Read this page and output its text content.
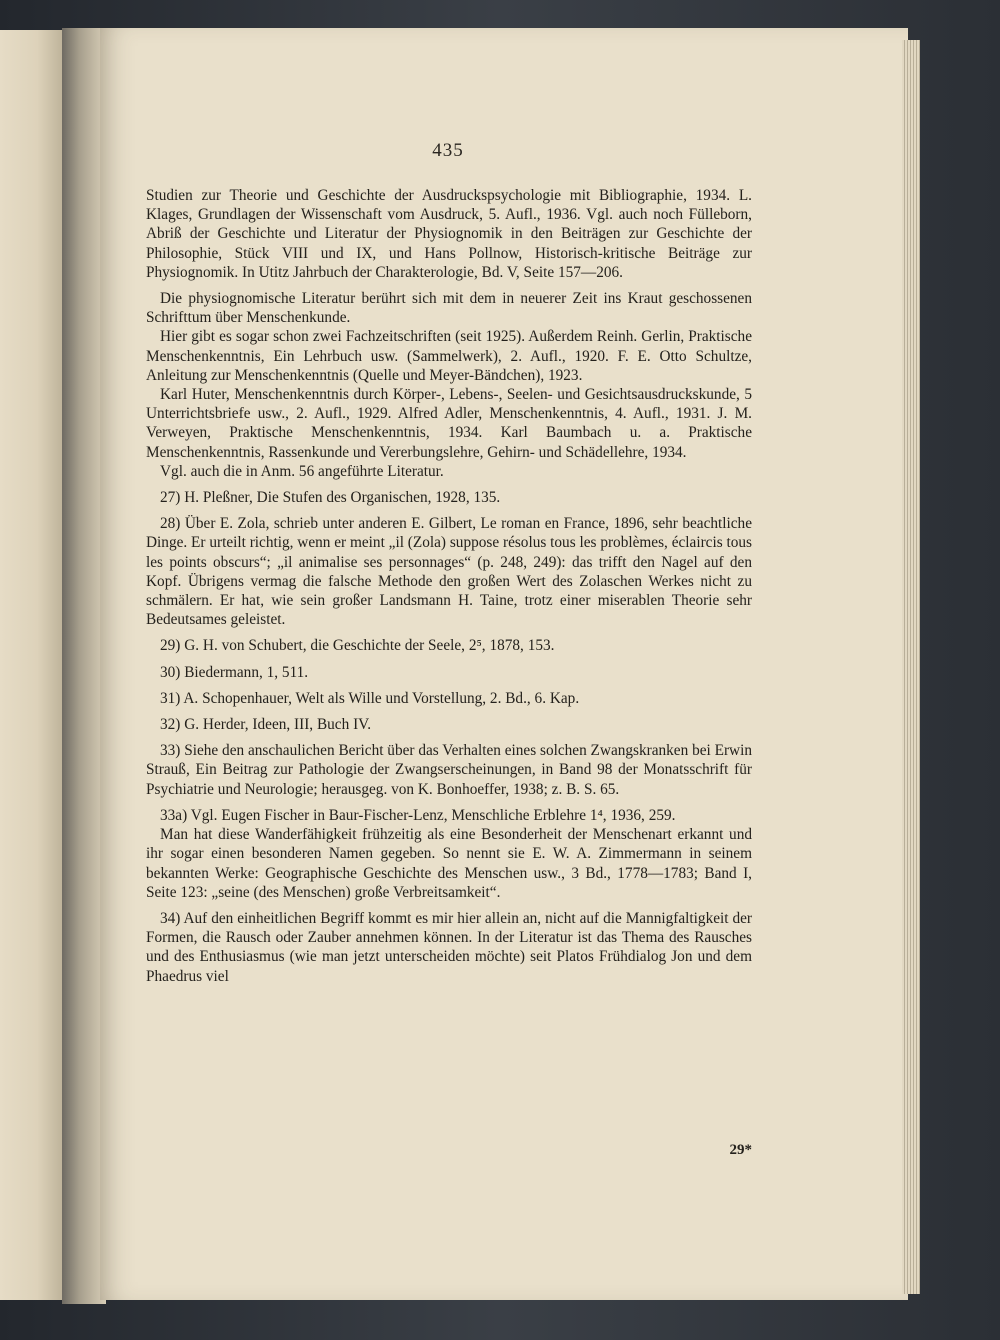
435

Studien zur Theorie und Geschichte der Ausdruckspsychologie mit Bibliographie, 1934. L. Klages, Grundlagen der Wissenschaft vom Ausdruck, 5. Aufl., 1936. Vgl. auch noch Fülleborn, Abriß der Geschichte und Literatur der Physiognomik in den Beiträgen zur Geschichte der Philosophie, Stück VIII und IX, und Hans Pollnow, Historisch-kritische Beiträge zur Physiognomik. In Utitz Jahrbuch der Charakterologie, Bd. V, Seite 157—206.

Die physiognomische Literatur berührt sich mit dem in neuerer Zeit ins Kraut geschossenen Schrifttum über Menschenkunde.

Hier gibt es sogar schon zwei Fachzeitschriften (seit 1925). Außerdem Reinh. Gerlin, Praktische Menschenkenntnis, Ein Lehrbuch usw. (Sammelwerk), 2. Aufl., 1920. F. E. Otto Schultze, Anleitung zur Menschenkenntnis (Quelle und Meyer-Bändchen), 1923.

Karl Huter, Menschenkenntnis durch Körper-, Lebens-, Seelen- und Gesichtsausdruckskunde, 5 Unterrichtsbriefe usw., 2. Aufl., 1929. Alfred Adler, Menschenkenntnis, 4. Aufl., 1931. J. M. Verweyen, Praktische Menschenkenntnis, 1934. Karl Baumbach u. a. Praktische Menschenkenntnis, Rassenkunde und Vererbungslehre, Gehirn- und Schädellehre, 1934.

Vgl. auch die in Anm. 56 angeführte Literatur.

27) H. Pleßner, Die Stufen des Organischen, 1928, 135.

28) Über E. Zola, schrieb unter anderen E. Gilbert, Le roman en France, 1896, sehr beachtliche Dinge. Er urteilt richtig, wenn er meint „il (Zola) suppose résolus tous les problèmes, éclaircis tous les points obscurs“; „il animalise ses personnages“ (p. 248, 249): das trifft den Nagel auf den Kopf. Übrigens vermag die falsche Methode den großen Wert des Zolaschen Werkes nicht zu schmälern. Er hat, wie sein großer Landsmann H. Taine, trotz einer miserablen Theorie sehr Bedeutsames geleistet.

29) G. H. von Schubert, die Geschichte der Seele, 2⁵, 1878, 153.

30) Biedermann, 1, 511.

31) A. Schopenhauer, Welt als Wille und Vorstellung, 2. Bd., 6. Kap.

32) G. Herder, Ideen, III, Buch IV.

33) Siehe den anschaulichen Bericht über das Verhalten eines solchen Zwangskranken bei Erwin Strauß, Ein Beitrag zur Pathologie der Zwangserscheinungen, in Band 98 der Monatsschrift für Psychiatrie und Neurologie; herausgeg. von K. Bonhoeffer, 1938; z. B. S. 65.

33a) Vgl. Eugen Fischer in Baur-Fischer-Lenz, Menschliche Erblehre 1⁴, 1936, 259.

Man hat diese Wanderfähigkeit frühzeitig als eine Besonderheit der Menschenart erkannt und ihr sogar einen besonderen Namen gegeben. So nennt sie E. W. A. Zimmermann in seinem bekannten Werke: Geographische Geschichte des Menschen usw., 3 Bd., 1778—1783; Band I, Seite 123: „seine (des Menschen) große Verbreitsamkeit“.

34) Auf den einheitlichen Begriff kommt es mir hier allein an, nicht auf die Mannigfaltigkeit der Formen, die Rausch oder Zauber annehmen können. In der Literatur ist das Thema des Rausches und des Enthusiasmus (wie man jetzt unterscheiden möchte) seit Platos Frühdialog Jon und dem Phaedrus viel

29*
